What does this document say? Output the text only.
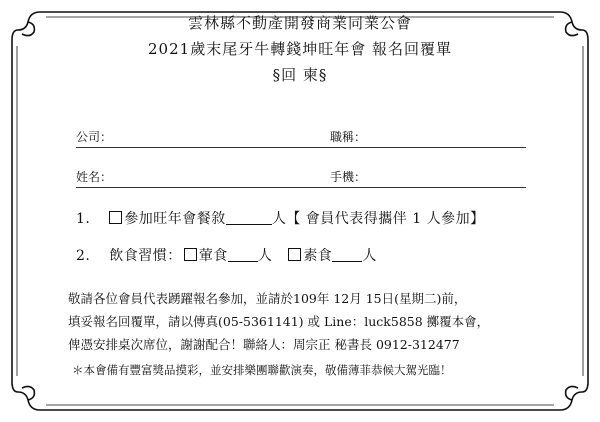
雲林縣不動產開發商業同業公會
2021歲末尾牙牛轉錢坤旺年會 報名回覆單
§回 柬§
公司：	職稱：
姓名：	手機：
1. 參加旺年會餐敘	人【 會員代表得攜伴 1 人參加】
2. 飲食習慣： 葷食 人 素食 人
敬請各位會員代表踴躍報名參加，並請於109年 12月 15日(星期二)前，
填妥報名回覆單，請以傳真(05-5361141) 或 Line：luck5858 擲覆本會，
俾憑安排桌次席位，謝謝配合！聯絡人：周宗正 秘書長 0912-312477
＊本會備有豐富獎品摸彩，並安排樂團聯歡演奏，敬備薄菲恭候大駕光臨！
